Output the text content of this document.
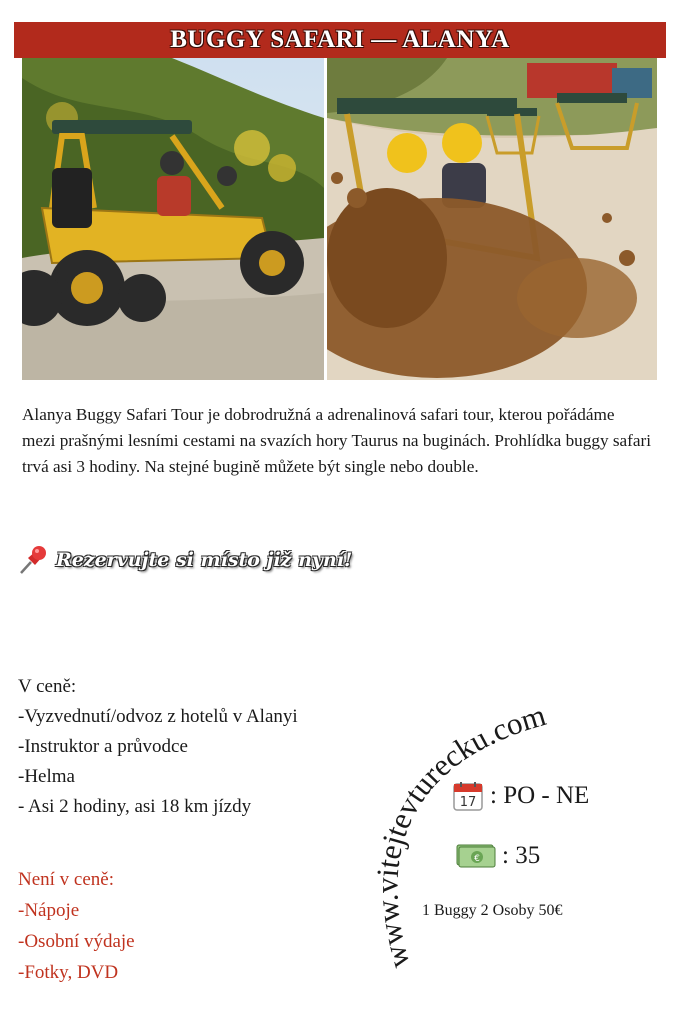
BUGGY SAFARI — ALANYA

Alanya Buggy Safari Tour je dobrodružná a adrenalinová safari tour, kterou pořádáme mezi prašnými lesními cestami na svazích hory Taurus na buginách. Prohlídka buggy safari trvá asi 3 hodiny. Na stejné bugině můžete být single nebo double.

Rezervujte si místo již nyní!
V ceně:
-Vyzvednutí/odvoz z hotelů v Alanyi
-Instruktor a průvodce
-Helma
- Asi 2 hodiny, asi 18 km jízdy
Není v ceně:
-Nápoje
-Osobní výdaje
-Fotky, DVD
www.vitejtevturecku.com
17 : PO - NE
€ : 35
1 Buggy 2 Osoby 50€
